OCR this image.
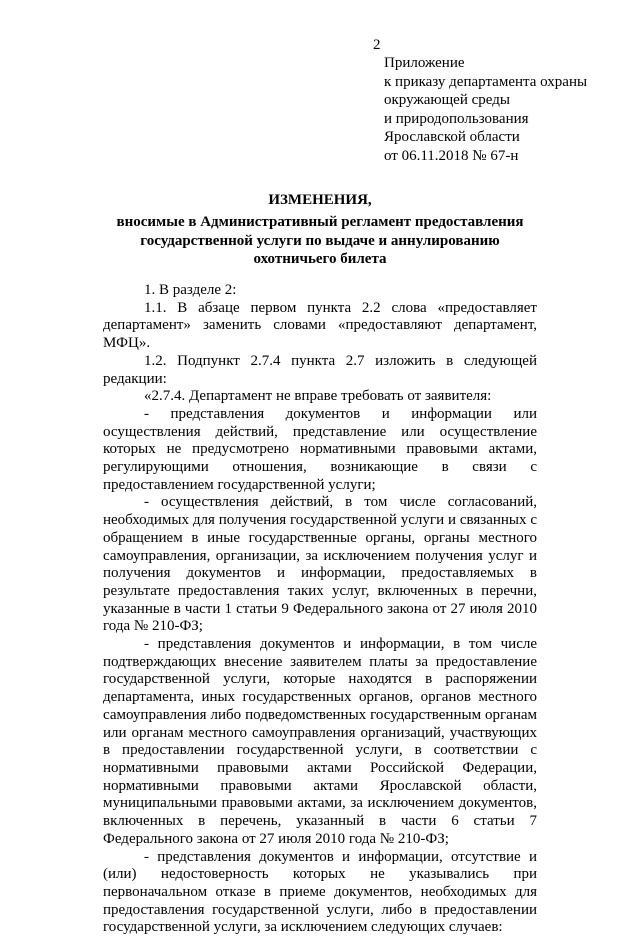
2
Приложение
к приказу департамента охраны
окружающей среды
и природопользования
Ярославской области
от 06.11.2018 № 67-н
ИЗМЕНЕНИЯ,
вносимые в Административный регламент предоставления
государственной услуги по выдаче и аннулированию
охотничьего билета

1. В разделе 2:

1.1. В абзаце первом пункта 2.2 слова «предоставляет департамент» заменить словами «предоставляют департамент, МФЦ».

1.2. Подпункт 2.7.4 пункта 2.7 изложить в следующей редакции:

«2.7.4. Департамент не вправе требовать от заявителя:

- представления документов и информации или осуществления действий, представление или осуществление которых не предусмотрено нормативными правовыми актами, регулирующими отношения, возникающие в связи с предоставлением государственной услуги;

- осуществления действий, в том числе согласований, необходимых для получения государственной услуги и связанных с обращением в иные государственные органы, органы местного самоуправления, организации, за исключением получения услуг и получения документов и информации, предоставляемых в результате предоставления таких услуг, включенных в перечни, указанные в части 1 статьи 9 Федерального закона от 27 июля 2010 года № 210-ФЗ;

- представления документов и информации, в том числе подтверждающих внесение заявителем платы за предоставление государственной услуги, которые находятся в распоряжении департамента, иных государственных органов, органов местного самоуправления либо подведомственных государственным органам или органам местного самоуправления организаций, участвующих в предоставлении государственной услуги, в соответствии с нормативными правовыми актами Российской Федерации, нормативными правовыми актами Ярославской области, муниципальными правовыми актами, за исключением документов, включенных в перечень, указанный в части 6 статьи 7 Федерального закона от 27 июля 2010 года № 210-ФЗ;

- представления документов и информации, отсутствие и (или) недостоверность которых не указывались при первоначальном отказе в приеме документов, необходимых для предоставления государственной услуги, либо в предоставлении государственной услуги, за исключением следующих случаев:
